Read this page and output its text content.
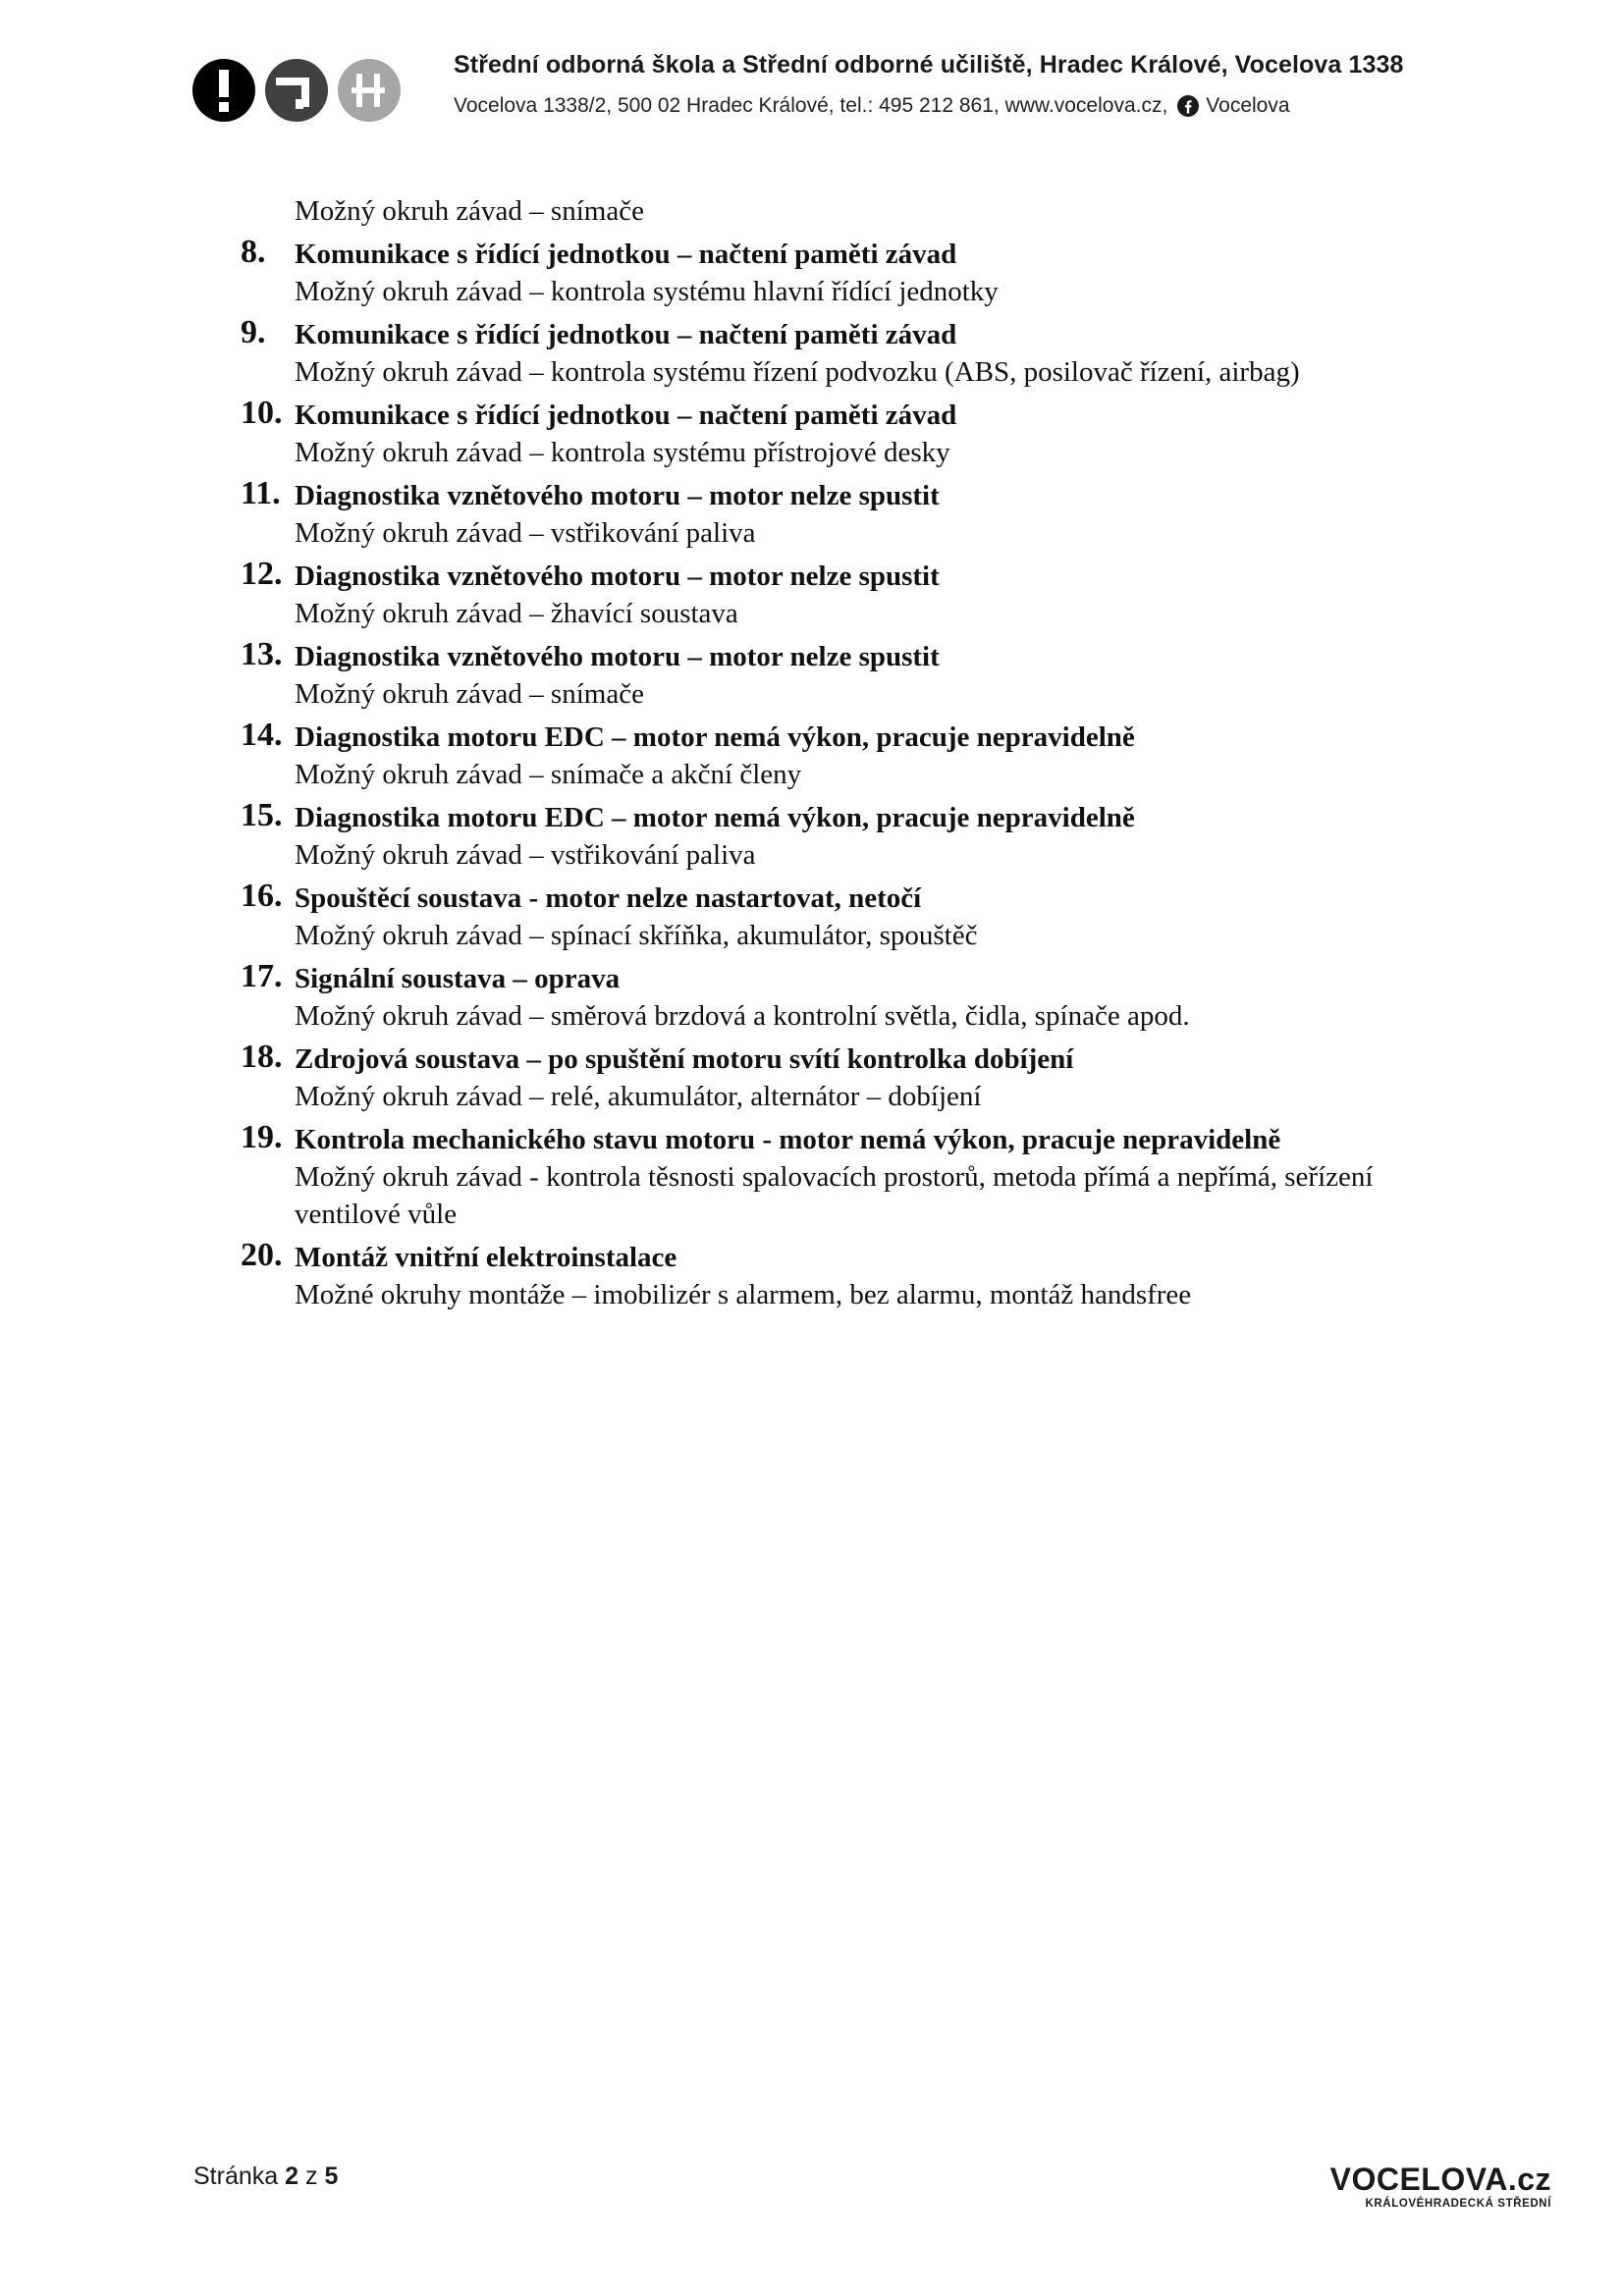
Střední odborná škola a Střední odborné učiliště, Hradec Králové, Vocelova 1338
Vocelova 1338/2, 500 02 Hradec Králové, tel.: 495 212 861, www.vocelova.cz, Vocelova
Možný okruh závad – snímače
8. Komunikace s řídící jednotkou – načtení paměti závad
Možný okruh závad – kontrola systému hlavní řídící jednotky
9. Komunikace s řídící jednotkou – načtení paměti závad
Možný okruh závad – kontrola systému řízení podvozku (ABS, posilovač řízení, airbag)
10. Komunikace s řídící jednotkou – načtení paměti závad
Možný okruh závad – kontrola systému přístrojové desky
11. Diagnostika vznětového motoru – motor nelze spustit
Možný okruh závad – vstřikování paliva
12. Diagnostika vznětového motoru – motor nelze spustit
Možný okruh závad – žhavící soustava
13. Diagnostika vznětového motoru – motor nelze spustit
Možný okruh závad – snímače
14. Diagnostika motoru EDC – motor nemá výkon, pracuje nepravidelně
Možný okruh závad – snímače a akční členy
15. Diagnostika motoru EDC – motor nemá výkon, pracuje nepravidelně
Možný okruh závad – vstřikování paliva
16. Spouštěcí soustava - motor nelze nastartovat, netočí
Možný okruh závad – spínací skříňka, akumulátor, spouštěč
17. Signální soustava – oprava
Možný okruh závad – směrová brzdová a kontrolní světla, čidla, spínače apod.
18. Zdrojová soustava – po spuštění motoru svítí kontrolka dobíjení
Možný okruh závad – relé, akumulátor, alternátor – dobíjení
19. Kontrola mechanického stavu motoru - motor nemá výkon, pracuje nepravidelně
Možný okruh závad - kontrola těsnosti spalovacích prostorů, metoda přímá a nepřímá, seřízení ventilové vůle
20. Montáž vnitřní elektroinstalace
Možné okruhy montáže – imobilizér s alarmem, bez alarmu, montáž handsfree
Stránka 2 z 5	VOCELOVA.cz
KRÁLOVÉHRADECKÁ STŘEDNÍ
